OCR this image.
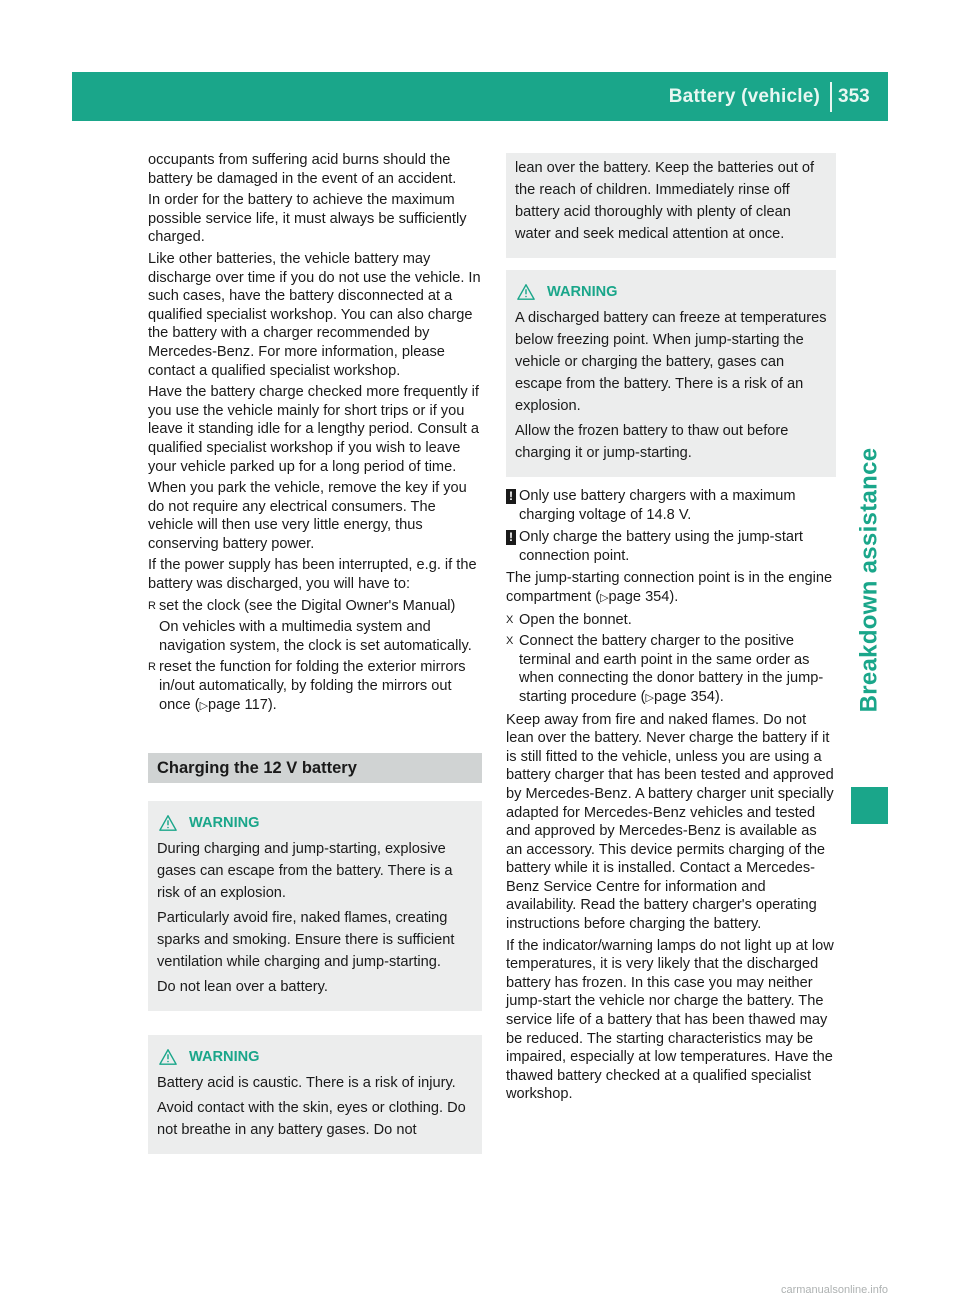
Battery (vehicle) 353
Breakdown assistance

occupants from suffering acid burns should the battery be damaged in the event of an accident.

In order for the battery to achieve the maximum possible service life, it must always be sufficiently charged.

Like other batteries, the vehicle battery may discharge over time if you do not use the vehicle. In such cases, have the battery disconnected at a qualified specialist workshop. You can also charge the battery with a charger recommended by Mercedes-Benz. For more information, please contact a qualified specialist workshop.

Have the battery charge checked more frequently if you use the vehicle mainly for short trips or if you leave it standing idle for a lengthy period. Consult a qualified specialist workshop if you wish to leave your vehicle parked up for a long period of time.

When you park the vehicle, remove the key if you do not require any electrical consumers. The vehicle will then use very little energy, thus conserving battery power.

If the power supply has been interrupted, e.g. if the battery was discharged, you will have to:

R set the clock (see the Digital Owner's Manual)

On vehicles with a multimedia system and navigation system, the clock is set automatically.

R reset the function for folding the exterior mirrors in/out automatically, by folding the mirrors out once (▷page 117).
Charging the 12 V battery
WARNING

During charging and jump-starting, explosive gases can escape from the battery. There is a risk of an explosion.

Particularly avoid fire, naked flames, creating sparks and smoking. Ensure there is sufficient ventilation while charging and jump-starting.

Do not lean over a battery.

WARNING

Battery acid is caustic. There is a risk of injury.

Avoid contact with the skin, eyes or clothing. Do not breathe in any battery gases. Do not

lean over the battery. Keep the batteries out of the reach of children. Immediately rinse off battery acid thoroughly with plenty of clean water and seek medical attention at once.

WARNING

A discharged battery can freeze at temperatures below freezing point. When jump-starting the vehicle or charging the battery, gases can escape from the battery. There is a risk of an explosion.

Allow the frozen battery to thaw out before charging it or jump-starting.

! Only use battery chargers with a maximum charging voltage of 14.8 V.
! Only charge the battery using the jump-start connection point.

The jump-starting connection point is in the engine compartment (▷page 354).

X Open the bonnet.
X Connect the battery charger to the positive terminal and earth point in the same order as when connecting the donor battery in the jump-starting procedure (▷page 354).

Keep away from fire and naked flames. Do not lean over the battery. Never charge the battery if it is still fitted to the vehicle, unless you are using a battery charger that has been tested and approved by Mercedes-Benz. A battery charger unit specially adapted for Mercedes-Benz vehicles and tested and approved by Mercedes-Benz is available as an accessory. This device permits charging of the battery while it is installed. Contact a Mercedes-Benz Service Centre for information and availability. Read the battery charger's operating instructions before charging the battery.

If the indicator/warning lamps do not light up at low temperatures, it is very likely that the discharged battery has frozen. In this case you may neither jump-start the vehicle nor charge the battery. The service life of a battery that has been thawed may be reduced. The starting characteristics may be impaired, especially at low temperatures. Have the thawed battery checked at a qualified specialist workshop.

carmanualsonline.info
